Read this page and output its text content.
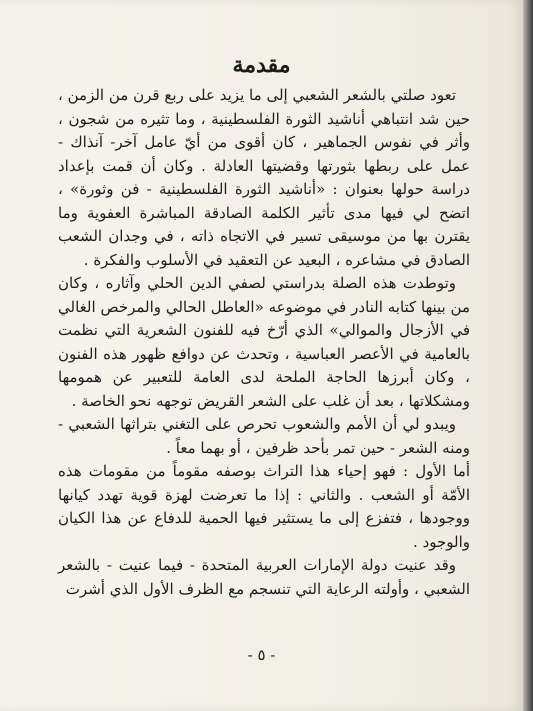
مقدمة

تعود صلتي بالشعر الشعبي إلى ما يزيد على ربع قرن من الزمن ، حين شد انتباهي أناشيد الثورة الفلسطينية ، وما تثيره من شجون ، وأثر في نفوس الجماهير ، كان أقوى من أيّ عامل آخر- آنذاك - عمل على ربطها بثورتها وقضيتها العادلة . وكان أن قمت بإعداد دراسة حولها بعنوان : «أناشيد الثورة الفلسطينية - فن وثورة» ، اتضح لي فيها مدى تأثير الكلمة الصادقة المباشرة العفوية وما يقترن بها من موسيقى تسير في الاتجاه ذاته ، في وجدان الشعب الصادق في مشاعره ، البعيد عن التعقيد في الأسلوب والفكرة .

وتوطدت هذه الصلة بدراستي لصفي الدين الحلي وآثاره ، وكان من بينها كتابه النادر في موضوعه «العاطل الحالي والمرخص الغالي في الأزجال والموالي» الذي أرّخ فيه للفنون الشعرية التي نظمت بالعامية في الأعصر العباسية ، وتحدث عن دوافع ظهور هذه الفنون ، وكان أبرزها الحاجة الملحة لدى العامة للتعبير عن همومها ومشكلاتها ، بعد أن غلب على الشعر القريض توجهه نحو الخاصة .

ويبدو لي أن الأمم والشعوب تحرص على التغني بتراثها الشعبي - ومنه الشعر - حين تمر بأحد ظرفين ، أو بهما معاً .

أما الأول : فهو إحياء هذا التراث بوصفه مقوماً من مقومات هذه الأمّة أو الشعب . والثاني : إذا ما تعرضت لهزة قوية تهدد كيانها ووجودها ، فتفزع إلى ما يستثير فيها الحمية للدفاع عن هذا الكيان والوجود .

وقد عنيت دولة الإمارات العربية المتحدة - فيما عنيت - بالشعر الشعبي ، وأولته الرعاية التي تنسجم مع الظرف الأول الذي أشرت

- ٥ -
